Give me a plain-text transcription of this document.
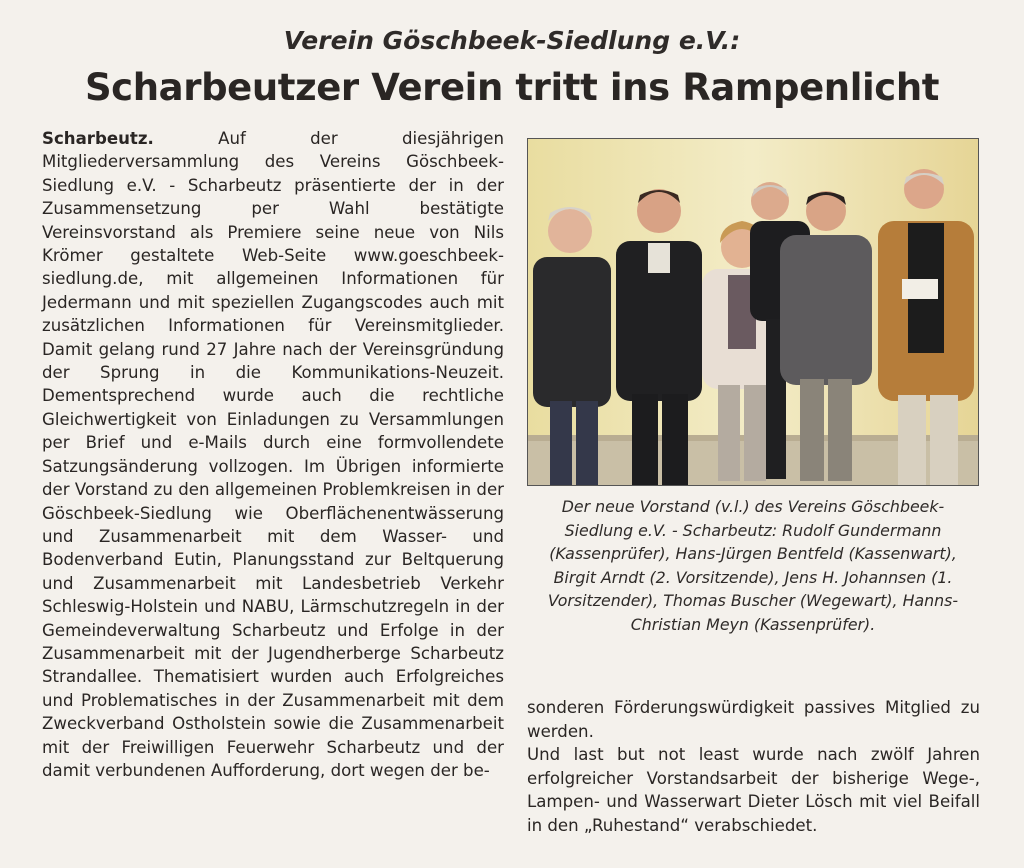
Verein Göschbeek-Siedlung e.V.:
Scharbeutzer Verein tritt ins Rampenlicht

Scharbeutz. Auf der diesjährigen Mitgliederversammlung des Vereins Göschbeek-Siedlung e.V. - Scharbeutz präsentierte der in der Zusammensetzung per Wahl bestätigte Vereinsvorstand als Premiere seine neue von Nils Krömer gestaltete Web-Seite www.goeschbeek-siedlung.de, mit allgemeinen Informationen für Jedermann und mit speziellen Zugangscodes auch mit zusätzlichen Informationen für Vereinsmitglieder. Damit gelang rund 27 Jahre nach der Vereinsgründung der Sprung in die Kommunikations-Neuzeit. Dementsprechend wurde auch die rechtliche Gleichwertigkeit von Einladungen zu Versammlungen per Brief und e-Mails durch eine formvollendete Satzungsänderung vollzogen. Im Übrigen informierte der Vorstand zu den allgemeinen Problemkreisen in der Göschbeek-Siedlung wie Oberflächenentwässerung und Zusammenarbeit mit dem Wasser- und Bodenverband Eutin, Planungsstand zur Beltquerung und Zusammenarbeit mit Landesbetrieb Verkehr Schleswig-Holstein und NABU, Lärmschutzregeln in der Gemeindeverwaltung Scharbeutz und Erfolge in der Zusammenarbeit mit der Jugendherberge Scharbeutz Strandallee. Thematisiert wurden auch Erfolgreiches und Problematisches in der Zusammenarbeit mit dem Zweckverband Ostholstein sowie die Zusammenarbeit mit der Freiwilligen Feuerwehr Scharbeutz und der damit verbundenen Aufforderung, dort wegen der be-

Der neue Vorstand (v.l.) des Vereins Göschbeek-Siedlung e.V. - Scharbeutz: Rudolf Gundermann (Kassenprüfer), Hans-Jürgen Bentfeld (Kassenwart), Birgit Arndt (2. Vorsitzende), Jens H. Johannsen (1. Vorsitzender), Thomas Buscher (Wegewart), Hanns-Christian Meyn (Kassenprüfer).

sonderen Förderungswürdigkeit passives Mitglied zu werden.

Und last but not least wurde nach zwölf Jahren erfolgreicher Vorstandsarbeit der bisherige Wege-, Lampen- und Wasserwart Dieter Lösch mit viel Beifall in den „Ruhestand“ verabschiedet.
